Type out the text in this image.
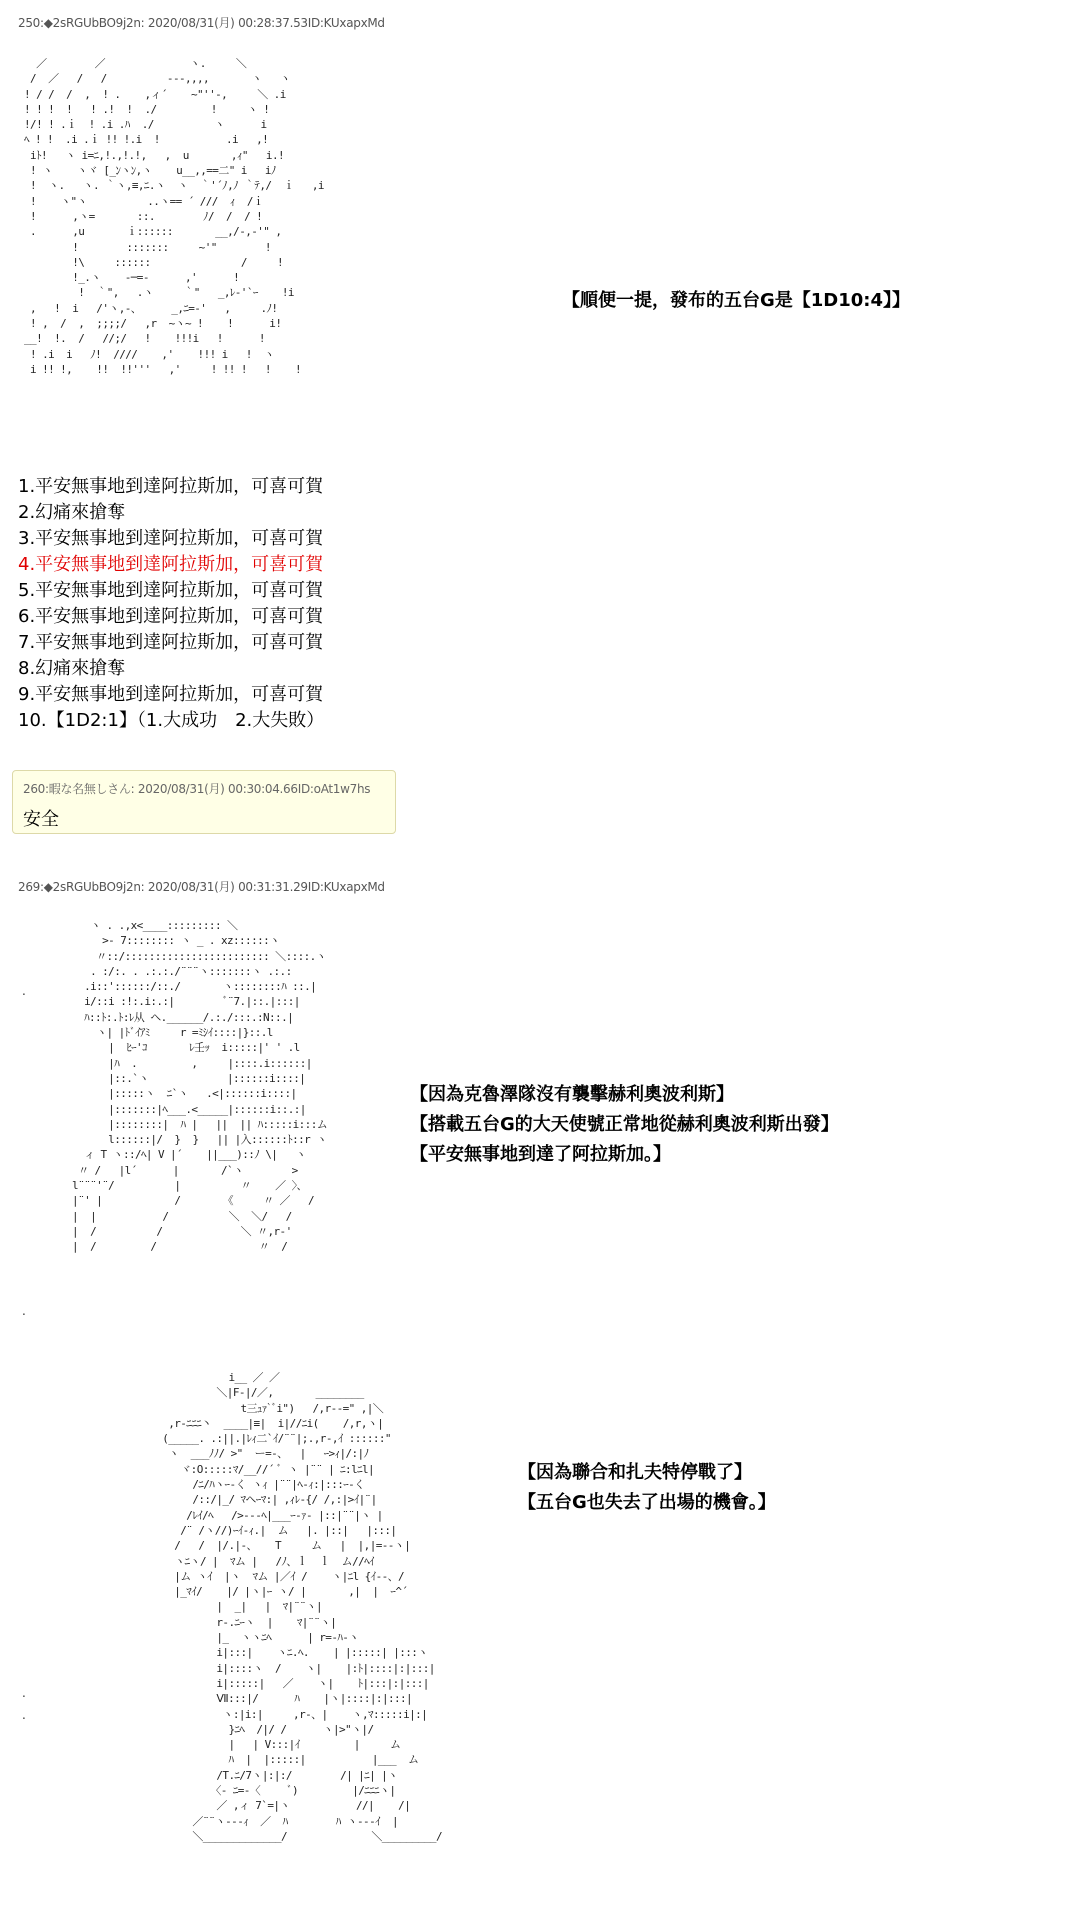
250:◆2sRGUbBO9j2n: 2020/08/31(月) 00:28:37.53ID:KUxapxMd
／        ／              ヽ.     ＼
/  ／   /   /          ‐--,,,,       ヽ   ヽ
! / /  /  ,  ! .    ,ィ´    ~"''‐,     ＼ .i
! ! !  !   ! .!  !  ./         !     ヽ !
!/! ! .ｉ  ! .i .ﾊ  ./          ヽ      i
ﾍ ! !  .i .ｉ !! !.i  !           .i   ,!
iﾄ!   ヽ i=ﾆ,!.,!.!,   ,  u       ,ｨ"   i.!
! ヽ    ヽヾ [_ﾝヽﾝ,ヽ    u__,,==二" i   iﾉ
!  ヽ.   ヽ. ｀ヽ,≡,ﾆ.ヽ  ヽ  ｀'´ﾉ,ﾉ ｀ﾃ,/  ｉ   ,i
!    ヽ"ヽ          ..ヽ== ´ ///  ｨ  /ｉ
!      ,ヽ=       ::.        ﾉ/  /  / !
.      ,u       ｉ::::::       __,/-,-'" ,
!        :::::::     ~'"        !
!\     ::::::               /     !
!_.ヽ    ‐─=‐      ,'      !
!  ｀",   .ヽ     ｀"   _,ﾚ‐'`ｰ    !i
,   !  i   /'ヽ,-、     _,ﾆ=‐'   ,     .ﾉ!
! ,  /  ,  ;;;;/   ,r  ~ヽ~ !    !      i!
__!  !.  /   //;/   !    !!!i   !      !
! .i  i   ﾉ!  ////    ,'    !!! i   !  ヽ
i !! !,    !!  !!'''   ,'     ! !! !   !    !
【順便一提，發布的五台G是【1D10:4】】
1.平安無事地到達阿拉斯加，可喜可賀
2.幻痛來搶奪
3.平安無事地到達阿拉斯加，可喜可賀
4.平安無事地到達阿拉斯加，可喜可賀
5.平安無事地到達阿拉斯加，可喜可賀
6.平安無事地到達阿拉斯加，可喜可賀
7.平安無事地到達阿拉斯加，可喜可賀
8.幻痛來搶奪
9.平安無事地到達阿拉斯加，可喜可賀
10.【1D2:1】（1.大成功　2.大失敗）
260:暇な名無しさん: 2020/08/31(月) 00:30:04.66ID:oAt1w7hs
安全
269:◆2sRGUbBO9j2n: 2020/08/31(月) 00:31:31.29ID:KUxapxMd
ヽ . .,x<____::::::::: ＼
>- 7:::::::: ヽ _ . xz::::::ヽ
〃::/:::::::::::::::::::::::: ＼::::.ヽ
. :/:. . .:.:./¨¨¨ヽ:::::::ヽ .:.:
.i::'::::::/::./       ヽ::::::::ﾊ ::.|
i/::i :!:.i:.:|        ﾞ¨7.|::.|:::|
ﾊ::ﾄ:.ﾄ:ﾚ从 ヘ.______/.:./:::.:N::.|
ヽ| |ﾄﾞｲｱﾐ     r =ﾐｼｲ::::|}::.l
|  ﾋｰ'ｺ       ﾚ壬ｯ  i:::::|' ' .l
|ﾊ  .         ,     |::::.i::::::|
|::.`ヽ             |::::::i::::|
|:::::ヽ  ﾆ`ヽ   .<|::::::i::::|
|:::::::|ﾍ___.<_____|::::::i::.:|
|::::::::|  ﾊ |   ||  || ﾊ:::::i:::ム
l::::::|/  }  }   || |入::::::ﾄ::r ヽ
ィ T ヽ::/ﾍ| V |´    ||___)::ﾉ \|   ヽ
〃 /   |l´      |       /`ヽ        >
l¨¨¨'¨/          |          〃    ／ 〉、
|¨' |            /       《     〃 ／   /
|  |           /          ＼  ＼/   /
|  /          /             ＼ 〃,r-'
|  /         /                 〃  /
【因為克魯澤隊沒有襲擊赫利奧波利斯】
【搭載五台G的大天使號正常地從赫利奧波利斯出發】
【平安無事地到達了阿拉斯加。】
i__ ／ ／
＼|F-|/／,       ________
t三ｭｧ`ﾞi")   /,r‐‐=" ,|＼
,r‐ﾆﾆﾆ丶  ____|≡|  i|//ﾆi(    /,r,ヽ|
(_____. .:||.|ﾚｨ二`ｲ/¨¨|;.,r‐,ｲ ::::::"
ヽ  ___ﾉﾉ/ >"  ー=‐、  |   ｰ>ｨ|/:|ﾉ
ヾ:O:::::ﾏ/__//´ ﾞ ヽ |¨¨ | ﾆ:lﾆl|
/ﾆ/ﾊヽｰ-く ヽｨ |¨¨|ﾍ-ｨ:|:::ｰ-く
/::/|_/ ﾏヘｰﾏ:| ,ｨﾚ-{/ /,:|>ｲ|¨|
/ﾚｲ/ﾍ   />-‐-ﾍ|___ｰ‐ｧ‐ |::|¨¨|ヽ |
/¨ /ヽ//)ｰｲ-ｨ.|  ム   |. |::|   |:::|
/   /  |/.|-、   T     ム   |  |,|=-‐ヽ|
ヽﾆヽ/ |  ﾏム |   /ﾉ、ｌ  ｌ  ム//ﾍｲ
|ム ヽｲ  |ヽ  ﾏム |／ｲ /    ヽ|ﾆl {ｲ-‐、/
|_ﾏｲ/    |/ |ヽ|ｰ ヽ/ |       ,|  |  ｰ^´
|  _|   |  ﾏ|¨¨ヽ|
r-.ﾆｰヽ  |    ﾏ|¨¨ヽ|
|_  ヽヽﾆﾍ      | r=-ﾊ-ヽ
i|:::|    ヽﾆ.ﾍ.    | |:::::| |:::ヽ
i|::::ヽ  /    ヽ|    |:ﾄ|::::|:|:::|
i|:::::|   ／    ヽ|    ﾄ|:::|:|:::|
Ⅶ:::|/      ﾊ    |ヽ|::::|:|:::|
ヽ:|i:|     ,r-、|    ヽ,ﾏ:::::i|:|
}ﾆﾍ  /|/ /      ヽ|>"ヽ|/
|   | V:::|ｲ         |     ム
ﾊ  |  |:::::|           |___  ム
/T.ﾆ/7ヽ|:|:/        /| |ﾆ| |ヽ
〈- ﾆ=-〈     ﾞ)         |/ﾆﾆﾆヽ|
／ ,ィ 7`=|ヽ           //|    /|
／¨¨ヽ‐‐‐ｨ  ／  ﾊ        ﾊ ヽ-‐-ｲ  |
＼_____________/              ＼_________/
【因為聯合和扎夫特停戰了】
【五台G也失去了出場的機會。】
.
.
.
.
